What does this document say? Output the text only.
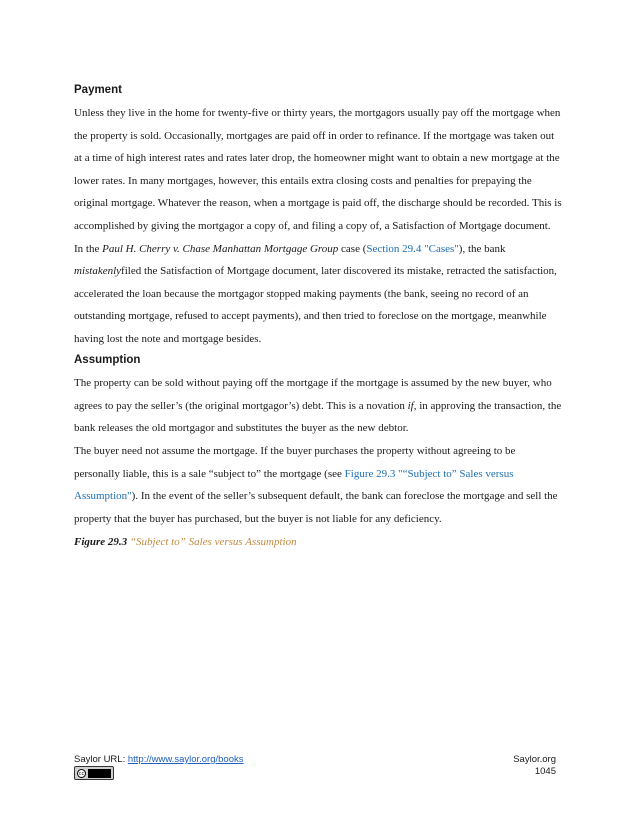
Payment
Unless they live in the home for twenty-five or thirty years, the mortgagors usually pay off the mortgage when the property is sold. Occasionally, mortgages are paid off in order to refinance. If the mortgage was taken out at a time of high interest rates and rates later drop, the homeowner might want to obtain a new mortgage at the lower rates. In many mortgages, however, this entails extra closing costs and penalties for prepaying the original mortgage. Whatever the reason, when a mortgage is paid off, the discharge should be recorded. This is accomplished by giving the mortgagor a copy of, and filing a copy of, a Satisfaction of Mortgage document. In the Paul H. Cherry v. Chase Manhattan Mortgage Group case (Section 29.4 "Cases"), the bank mistakenlyfiled the Satisfaction of Mortgage document, later discovered its mistake, retracted the satisfaction, accelerated the loan because the mortgagor stopped making payments (the bank, seeing no record of an outstanding mortgage, refused to accept payments), and then tried to foreclose on the mortgage, meanwhile having lost the note and mortgage besides.
Assumption
The property can be sold without paying off the mortgage if the mortgage is assumed by the new buyer, who agrees to pay the seller’s (the original mortgagor’s) debt. This is a novation if, in approving the transaction, the bank releases the old mortgagor and substitutes the buyer as the new debtor.
The buyer need not assume the mortgage. If the buyer purchases the property without agreeing to be personally liable, this is a sale “subject to” the mortgage (see Figure 29.3 "“Subject to” Sales versus Assumption"). In the event of the seller’s subsequent default, the bank can foreclose the mortgage and sell the property that the buyer has purchased, but the buyer is not liable for any deficiency.
Figure 29.3 “Subject to” Sales versus Assumption
Saylor URL: http://www.saylor.org/books
cc
Saylor.org
1045
